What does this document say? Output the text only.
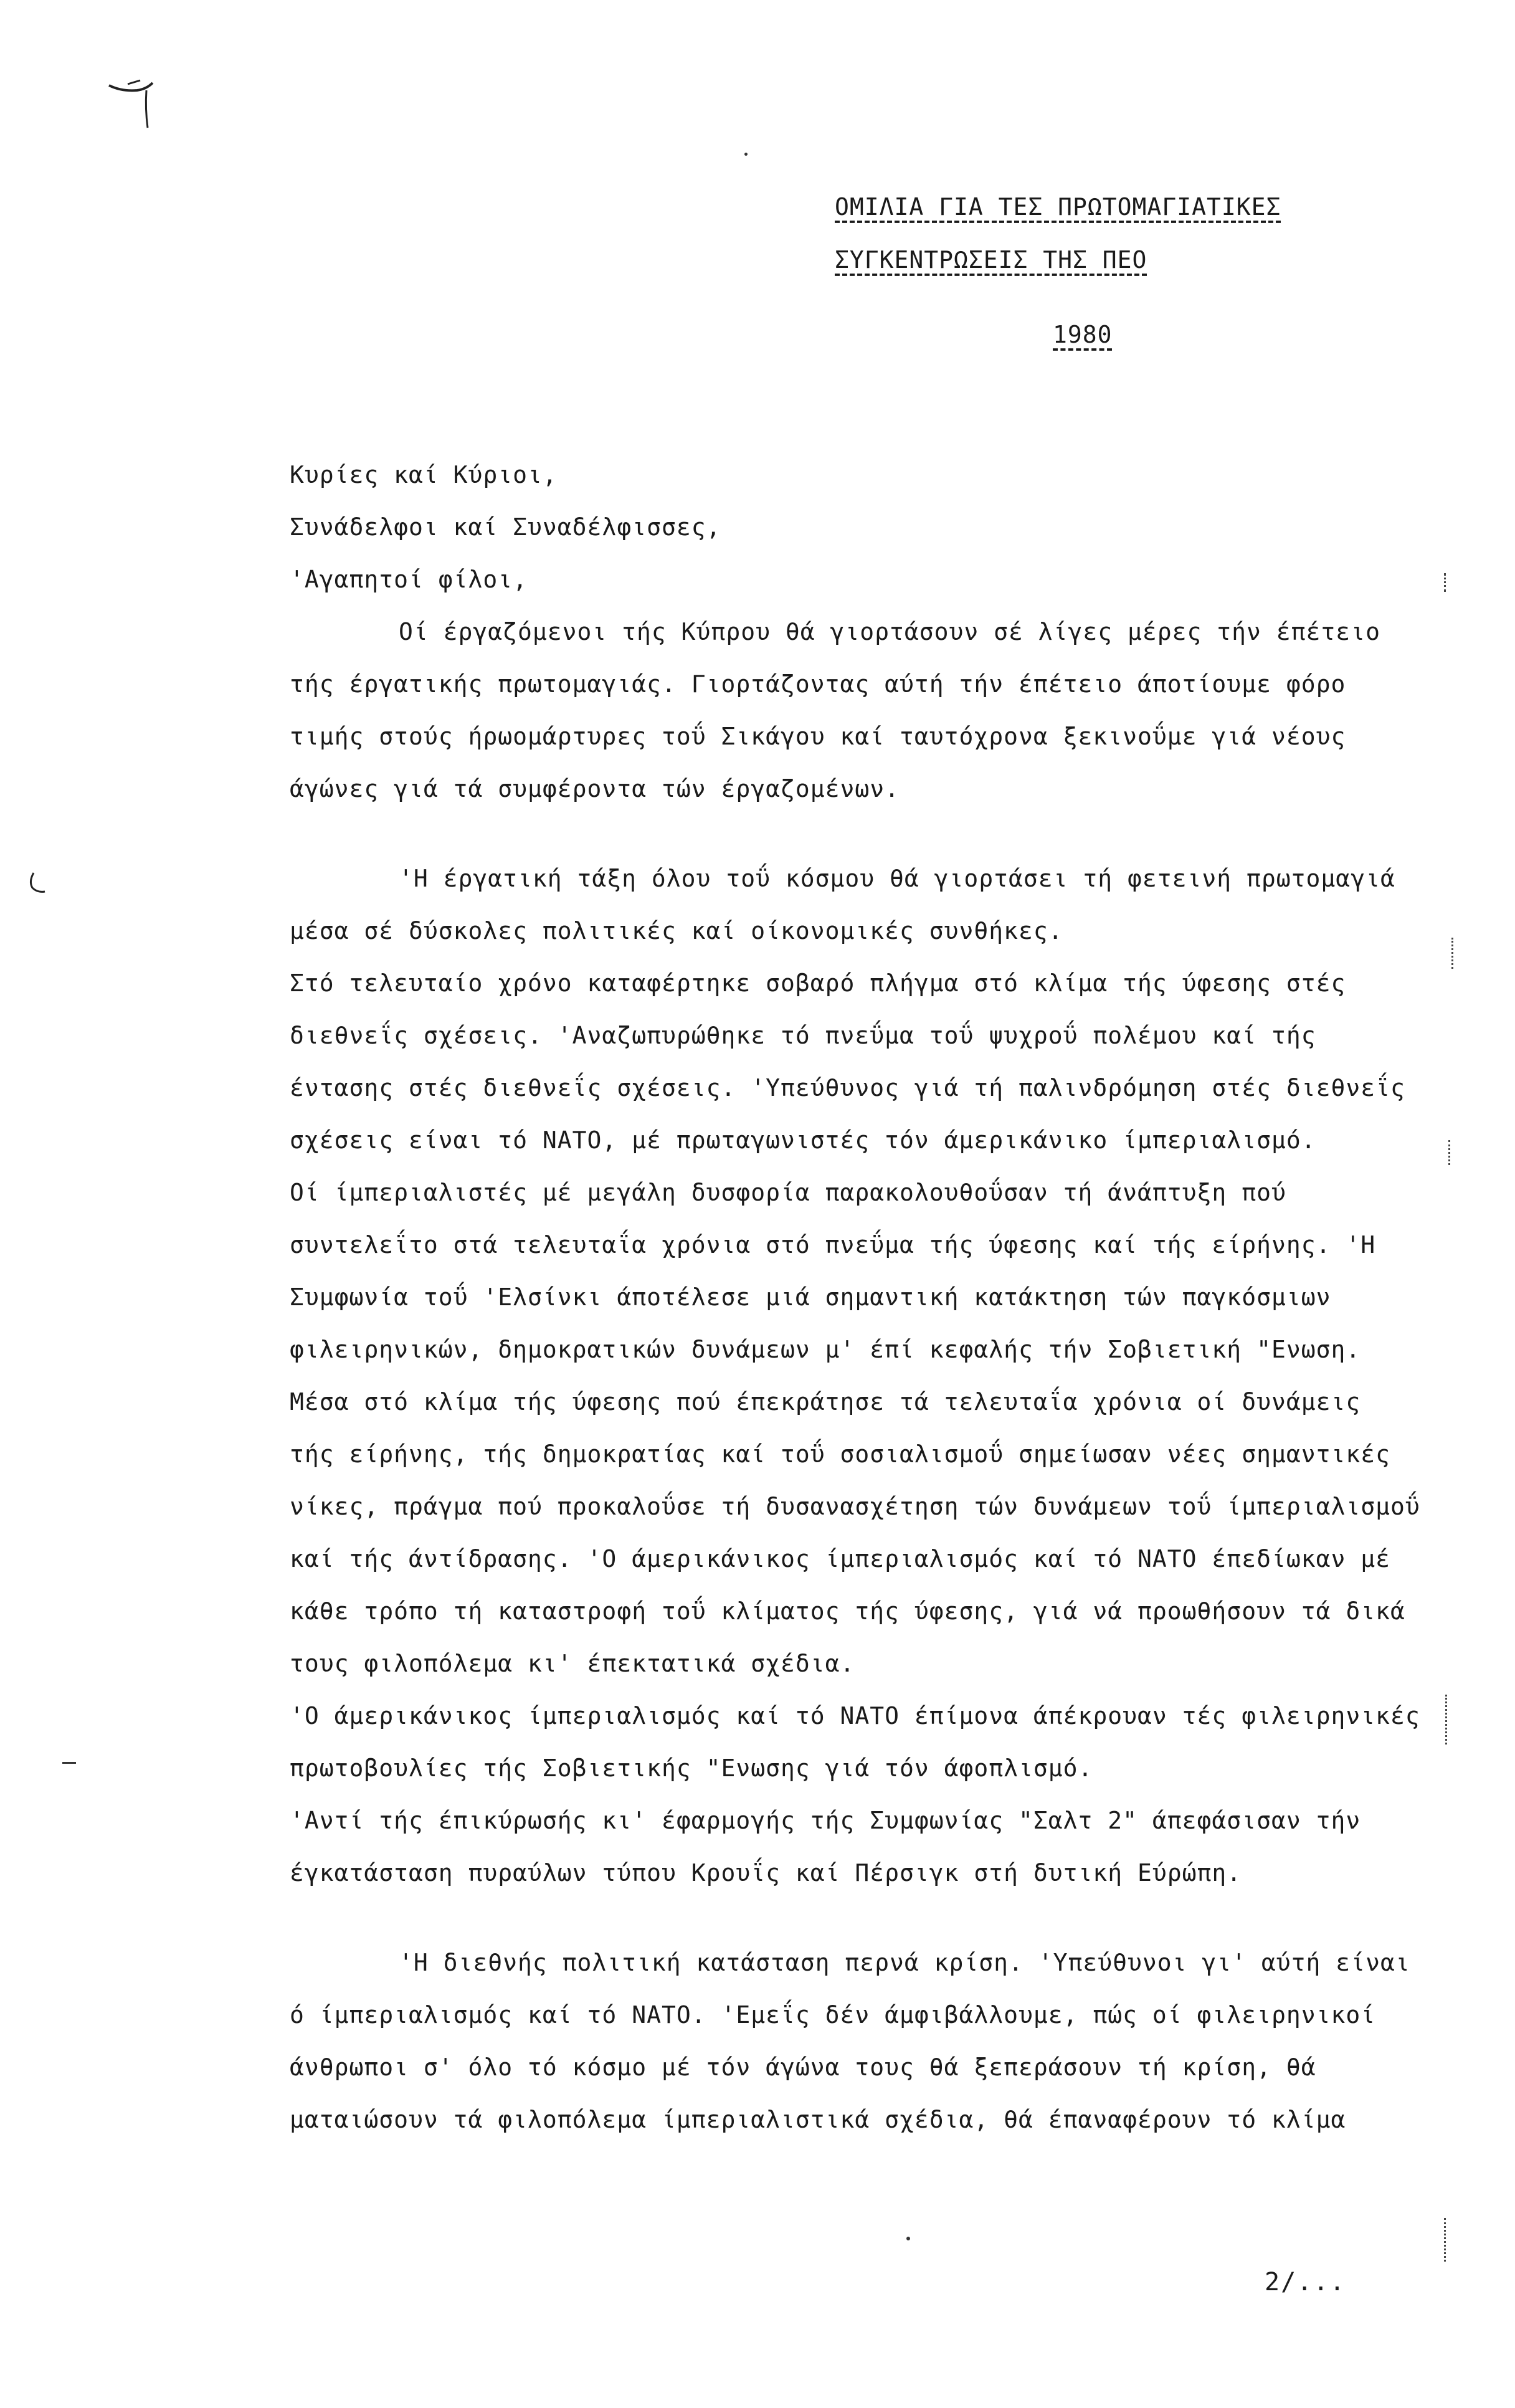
ΟΜΙΛΙΑ ΓΙΑ ΤΕΣ ΠΡΩΤΟΜΑΓΙΑΤΙΚΕΣ
ΣΥΓΚΕΝΤΡΩΣΕΙΣ ΤΗΣ ΠΕΟ
1980
Κυρίες καί Κύριοι,
Συνάδελφοι καί Συναδέλφισσες,
'Αγαπητοί φίλοι,
Οί έργαζόμενοι τής Κύπρου θά γιορτάσουν σέ λίγες μέρες τήν έπέτειο
τής έργατικής πρωτομαγιάς. Γιορτάζοντας αύτή τήν έπέτειο άποτίουμε φόρο
τιμής στούς ήρωομάρτυρες τοΰ Σικάγου καί ταυτόχρονα ξεκινοΰμε γιά νέους
άγώνες γιά τά συμφέροντα τών έργαζομένων.
'Η έργατική τάξη όλου τοΰ κόσμου θά γιορτάσει τή φετεινή πρωτομαγιά
μέσα σέ δύσκολες πολιτικές καί οίκονομικές συνθήκες.
Στό τελευταίο χρόνο καταφέρτηκε σοβαρό πλήγμα στό κλίμα τής ύφεσης στές
διεθνεΐς σχέσεις. 'Αναζωπυρώθηκε τό πνεΰμα τοΰ ψυχροΰ πολέμου καί τής
έντασης στές διεθνεΐς σχέσεις. 'Υπεύθυνος γιά τή παλινδρόμηση στές διεθνεΐς
σχέσεις είναι τό ΝΑΤΟ, μέ πρωταγωνιστές τόν άμερικάνικο ίμπεριαλισμό.
Οί ίμπεριαλιστές μέ μεγάλη δυσφορία παρακολουθοΰσαν τή άνάπτυξη πού
συντελεΐτο στά τελευταΐα χρόνια στό πνεΰμα τής ύφεσης καί τής είρήνης. 'Η
Συμφωνία τοΰ 'Ελσίνκι άποτέλεσε μιά σημαντική κατάκτηση τών παγκόσμιων
φιλειρηνικών, δημοκρατικών δυνάμεων μ' έπί κεφαλής τήν Σοβιετική "Ενωση.
Μέσα στό κλίμα τής ύφεσης πού έπεκράτησε τά τελευταΐα χρόνια οί δυνάμεις
τής είρήνης, τής δημοκρατίας καί τοΰ σοσιαλισμοΰ σημείωσαν νέες σημαντικές
νίκες, πράγμα πού προκαλοΰσε τή δυσανασχέτηση τών δυνάμεων τοΰ ίμπεριαλισμοΰ
καί τής άντίδρασης. 'Ο άμερικάνικος ίμπεριαλισμός καί τό ΝΑΤΟ έπεδίωκαν μέ
κάθε τρόπο τή καταστροφή τοΰ κλίματος τής ύφεσης, γιά νά προωθήσουν τά δικά
τους φιλοπόλεμα κι' έπεκτατικά σχέδια.
'Ο άμερικάνικος ίμπεριαλισμός καί τό ΝΑΤΟ έπίμονα άπέκρουαν τές φιλειρηνικές
πρωτοβουλίες τής Σοβιετικής "Ενωσης γιά τόν άφοπλισμό.
'Αντί τής έπικύρωσής κι' έφαρμογής τής Συμφωνίας "Σαλτ 2" άπεφάσισαν τήν
έγκατάσταση πυραύλων τύπου Κρουΐς καί Πέρσιγκ στή δυτική Εύρώπη.
'Η διεθνής πολιτική κατάσταση περνά κρίση. 'Υπεύθυνοι γι' αύτή είναι
ό ίμπεριαλισμός καί τό ΝΑΤΟ. 'Εμεΐς δέν άμφιβάλλουμε, πώς οί φιλειρηνικοί
άνθρωποι σ' όλο τό κόσμο μέ τόν άγώνα τους θά ξεπεράσουν τή κρίση, θά
ματαιώσουν τά φιλοπόλεμα ίμπεριαλιστικά σχέδια, θά έπαναφέρουν τό κλίμα
2/...
